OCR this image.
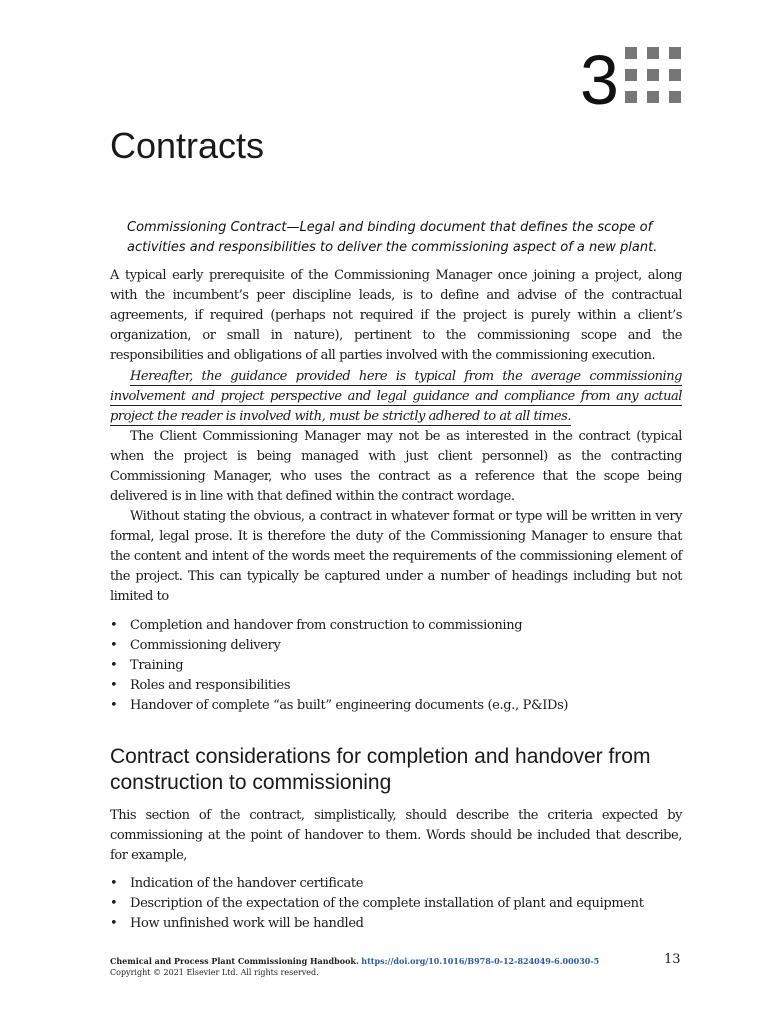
3
Contracts

Commissioning Contract—Legal and binding document that defines the scope of activities and responsibilities to deliver the commissioning aspect of a new plant.

A typical early prerequisite of the Commissioning Manager once joining a project, along with the incumbent’s peer discipline leads, is to define and advise of the contractual agreements, if required (perhaps not required if the project is purely within a client’s organization, or small in nature), pertinent to the commissioning scope and the responsibilities and obligations of all parties involved with the commissioning execution.

Hereafter, the guidance provided here is typical from the average commissioning involvement and project perspective and legal guidance and compliance from any actual project the reader is involved with, must be strictly adhered to at all times.

The Client Commissioning Manager may not be as interested in the contract (typical when the project is being managed with just client personnel) as the contracting Commissioning Manager, who uses the contract as a reference that the scope being delivered is in line with that defined within the contract wordage.

Without stating the obvious, a contract in whatever format or type will be written in very formal, legal prose. It is therefore the duty of the Commissioning Manager to ensure that the content and intent of the words meet the requirements of the commissioning element of the project. This can typically be captured under a number of headings including but not limited to

• Completion and handover from construction to commissioning
• Commissioning delivery
• Training
• Roles and responsibilities
• Handover of complete “as built” engineering documents (e.g., P&IDs)
Contract considerations for completion and handover from construction to commissioning

This section of the contract, simplistically, should describe the criteria expected by commissioning at the point of handover to them. Words should be included that describe, for example,

• Indication of the handover certificate
• Description of the expectation of the complete installation of plant and equipment
• How unfinished work will be handled
Chemical and Process Plant Commissioning Handbook. https://doi.org/10.1016/B978-0-12-824049-6.00030-5
Copyright © 2021 Elsevier Ltd. All rights reserved.
13
